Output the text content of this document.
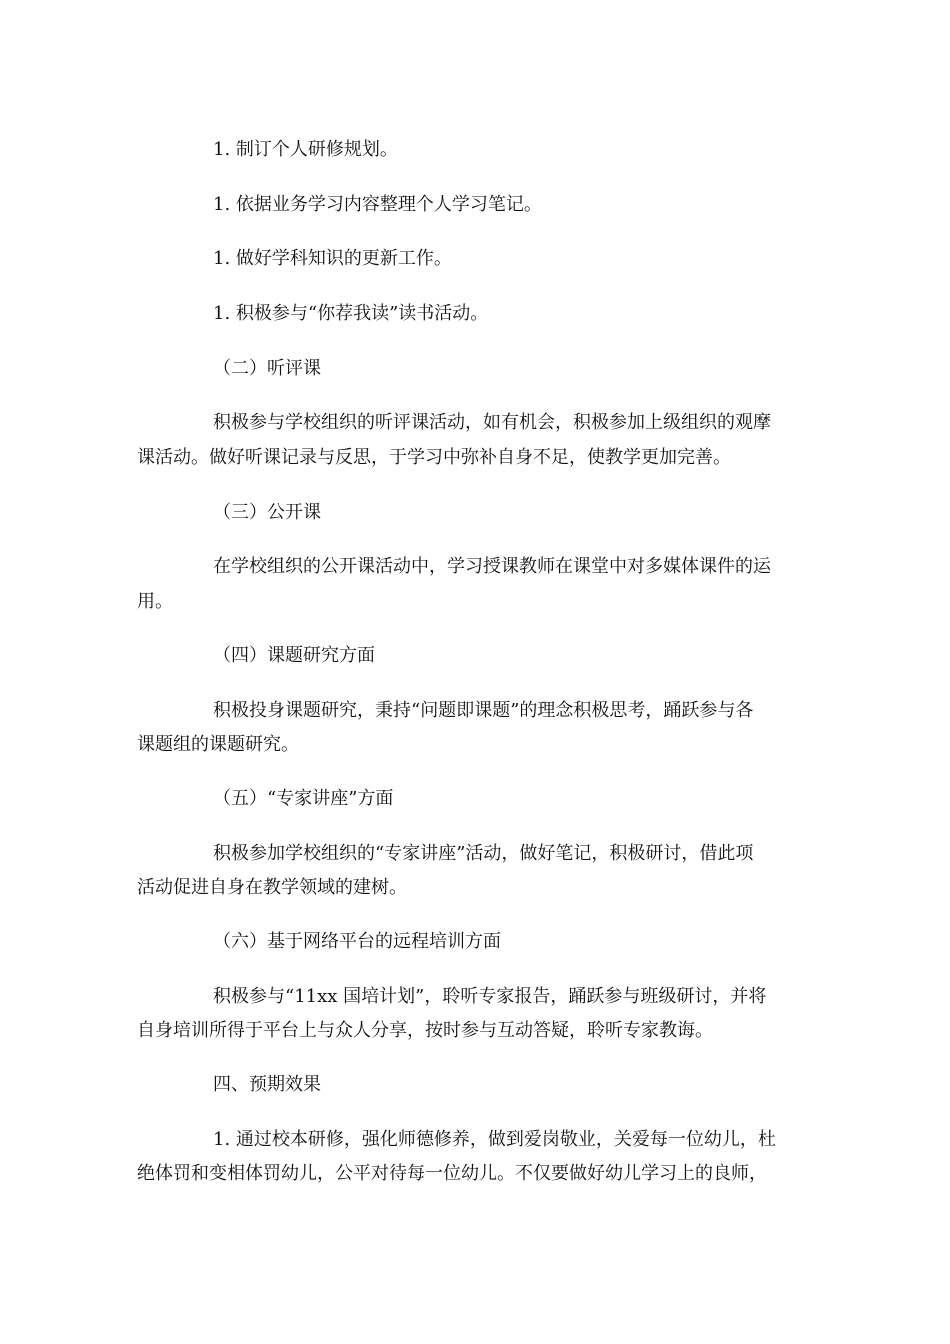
1. 制订个人研修规划。
1. 依据业务学习内容整理个人学习笔记。
1. 做好学科知识的更新工作。
1. 积极参与“你荐我读”读书活动。
（二）听评课
积极参与学校组织的听评课活动，如有机会，积极参加上级组织的观摩
课活动。做好听课记录与反思，于学习中弥补自身不足，使教学更加完善。
（三）公开课
在学校组织的公开课活动中，学习授课教师在课堂中对多媒体课件的运
用。
（四）课题研究方面
积极投身课题研究，秉持“问题即课题”的理念积极思考，踊跃参与各
课题组的课题研究。
（五）“专家讲座”方面
积极参加学校组织的“专家讲座”活动，做好笔记，积极研讨，借此项
活动促进自身在教学领域的建树。
（六）基于网络平台的远程培训方面
积极参与“11xx 国培计划”，聆听专家报告，踊跃参与班级研讨，并将
自身培训所得于平台上与众人分享，按时参与互动答疑，聆听专家教诲。
四、预期效果
1. 通过校本研修，强化师德修养，做到爱岗敬业，关爱每一位幼儿，杜
绝体罚和变相体罚幼儿，公平对待每一位幼儿。不仅要做好幼儿学习上的良师，
